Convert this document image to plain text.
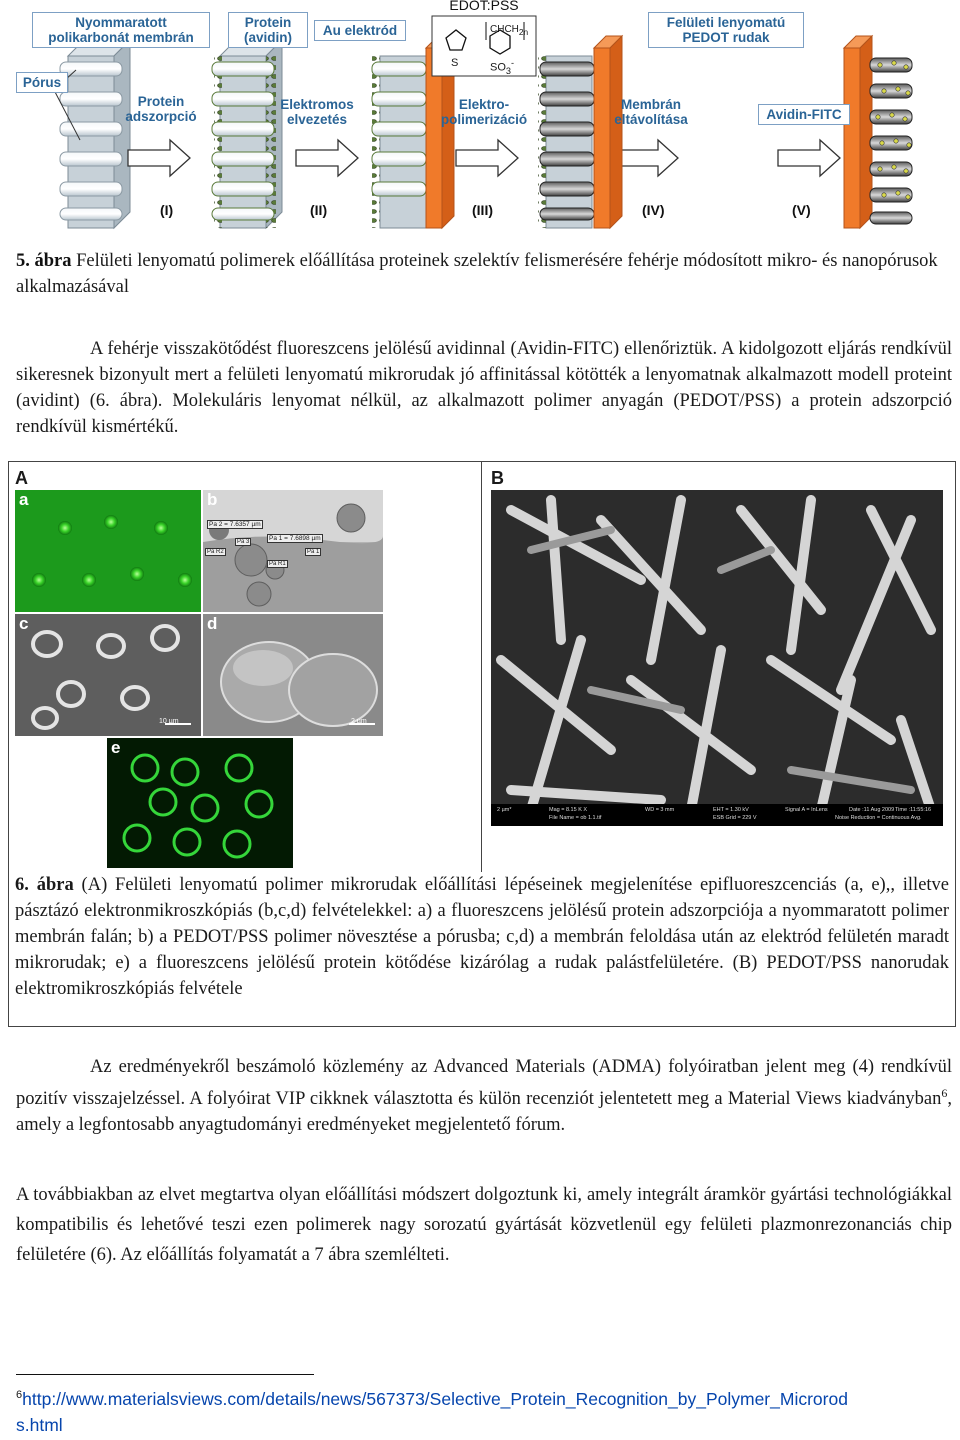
Nyommaratott polikarbonát membrán
Pórus
Protein adszorpció
Protein (avidin)	Au elektród
Elektromos elvezetés
EDOT:PSS
$CHCH_{2n}$
S	$SO_3^-$
Elektro-polimerizáció
Felületi lenyomatú PEDOT rudak
Membrán eltávolítása	Avidin-FITC
(I)	(II)	(III)	(IV)	(V)
5. ábra Felületi lenyomatú polimerek előállítása proteinek szelektív felismerésére fehérje módosított mikro- és nanopórusok alkalmazásával
A fehérje visszakötődést fluoreszcens jelölésű avidinnal (Avidin-FITC) ellenőriztük. A kidolgozott eljárás rendkívül sikeresnek bizonyult mert a felületi lenyomatú mikrorudak jó affinitással kötötték a lenyomatnak alkalmazott modell proteint (avidint) (6. ábra). Molekuláris lenyomat nélkül, az alkalmazott polimer anyagán (PEDOT/PSS) a protein adszorpció rendkívül kismértékű.
A	B
a	b
Pa 2 = 7.6357 µm
Pa 1 = 7.6898 µm
Pa 3
Pa R1
Pa R2	Pa 1
c
10 µm
d
2 µm
e
2 µm*	Mag = 8.15 K X	WD = 3 mm	EHT = 1.30 kV	Signal A = InLens	Date :11 Aug 2009 Time :11:55:16
File Name = ob 1.1.tif	ESB Grid = 229 V	Noise Reduction = Continuous Avg.
6. ábra (A) Felületi lenyomatú polimer mikrorudak előállítási lépéseinek megjelenítése epifluoreszcenciás (a, e),, illetve pásztázó elektronmikroszkópiás (b,c,d) felvételekkel: a) a fluoreszcens jelölésű protein adszorpciója a nyommaratott polimer membrán falán; b) a PEDOT/PSS polimer növesztése a pórusba; c,d) a membrán feloldása után az elektród felületén maradt mikrorudak; e) a fluoreszcens jelölésű protein kötődése kizárólag a rudak palástfelületére. (B) PEDOT/PSS nanorudak elektromikroszkópiás felvétele
Az eredményekről beszámoló közlemény az Advanced Materials (ADMA) folyóiratban jelent meg (4) rendkívül pozitív visszajelzéssel. A folyóirat VIP cikknek választotta és külön recenziót jelentetett meg a Material Views kiadványban$^6$, amely a legfontosabb anyagtudományi eredményeket megjelentető fórum.
A továbbiakban az elvet megtartva olyan előállítási módszert dolgoztunk ki, amely integrált áramkör gyártási technológiákkal kompatibilis és lehetővé teszi ezen polimerek nagy sorozatú gyártását közvetlenül egy felületi plazmonrezonanciás chip felületére (6). Az előállítás folyamatát a 7 ábra szemlélteti.
$^6$http://www.materialsviews.com/details/news/567373/Selective_Protein_Recognition_by_Polymer_Microrod
s.html
